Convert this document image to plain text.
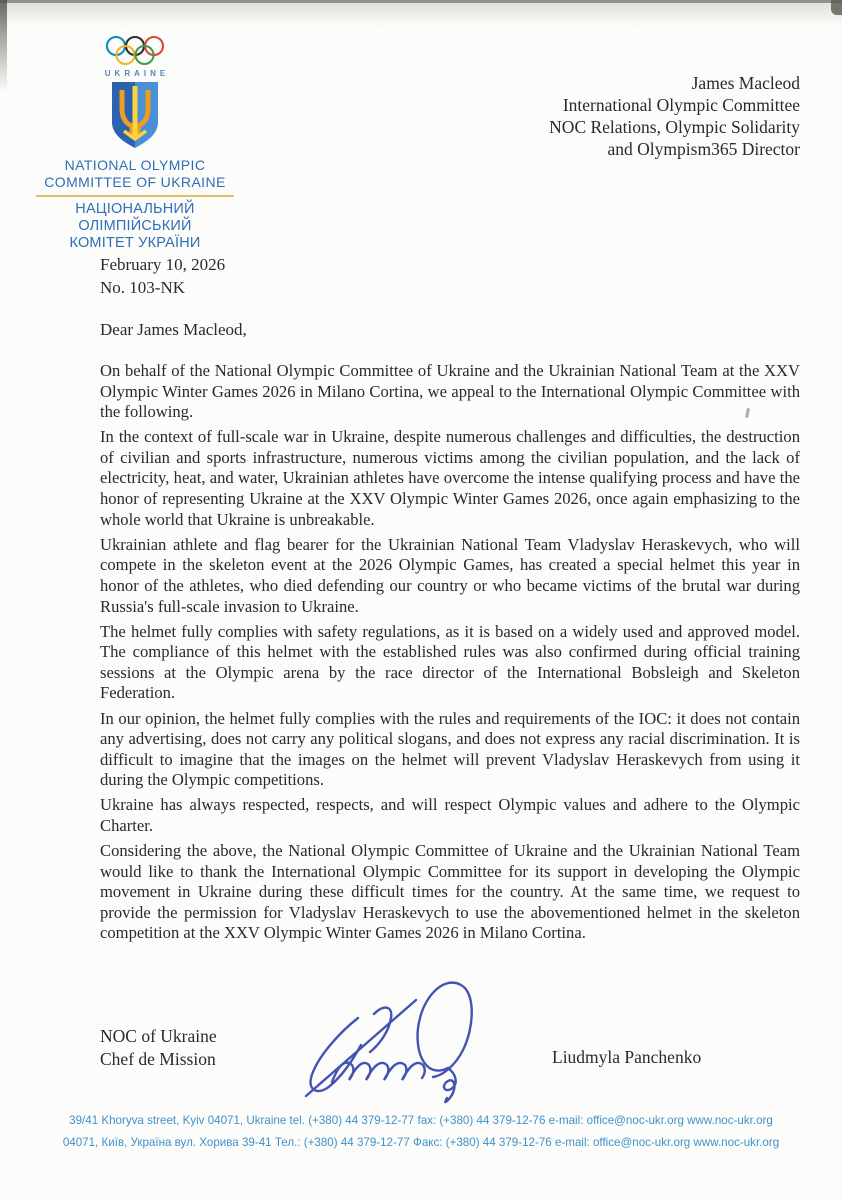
UKRAINE
NATIONAL OLYMPIC
COMMITTEE OF UKRAINE
НАЦІОНАЛЬНИЙ ОЛІМПІЙСЬКИЙ
КОМІТЕТ УКРАЇНИ
James Macleod
International Olympic Committee
NOC Relations, Olympic Solidarity
and Olympism365 Director
February 10, 2026
No. 103-NK
Dear James Macleod,

On behalf of the National Olympic Committee of Ukraine and the Ukrainian National Team at the XXV Olympic Winter Games 2026 in Milano Cortina, we appeal to the International Olympic Committee with the following.

In the context of full-scale war in Ukraine, despite numerous challenges and difficulties, the destruction of civilian and sports infrastructure, numerous victims among the civilian population, and the lack of electricity, heat, and water, Ukrainian athletes have overcome the intense qualifying process and have the honor of representing Ukraine at the XXV Olympic Winter Games 2026, once again emphasizing to the whole world that Ukraine is unbreakable.

Ukrainian athlete and flag bearer for the Ukrainian National Team Vladyslav Heraskevych, who will compete in the skeleton event at the 2026 Olympic Games, has created a special helmet this year in honor of the athletes, who died defending our country or who became victims of the brutal war during Russia's full-scale invasion to Ukraine.

The helmet fully complies with safety regulations, as it is based on a widely used and approved model. The compliance of this helmet with the established rules was also confirmed during official training sessions at the Olympic arena by the race director of the International Bobsleigh and Skeleton Federation.

In our opinion, the helmet fully complies with the rules and requirements of the IOC: it does not contain any advertising, does not carry any political slogans, and does not express any racial discrimination. It is difficult to imagine that the images on the helmet will prevent Vladyslav Heraskevych from using it during the Olympic competitions.

Ukraine has always respected, respects, and will respect Olympic values and adhere to the Olympic Charter.

Considering the above, the National Olympic Committee of Ukraine and the Ukrainian National Team would like to thank the International Olympic Committee for its support in developing the Olympic movement in Ukraine during these difficult times for the country. At the same time, we request to provide the permission for Vladyslav Heraskevych to use the abovementioned helmet in the skeleton competition at the XXV Olympic Winter Games 2026 in Milano Cortina.

NOC of Ukraine
Chef de Mission	Liudmyla Panchenko
39/41 Khoryva street, Kyiv 04071, Ukraine tel. (+380) 44 379-12-77 fax: (+380) 44 379-12-76 e-mail: office@noc-ukr.org www.noc-ukr.org
04071, Київ, Україна вул. Хорива 39-41 Тел.: (+380) 44 379-12-77 Факс: (+380) 44 379-12-76 e-mail: office@noc-ukr.org www.noc-ukr.org
